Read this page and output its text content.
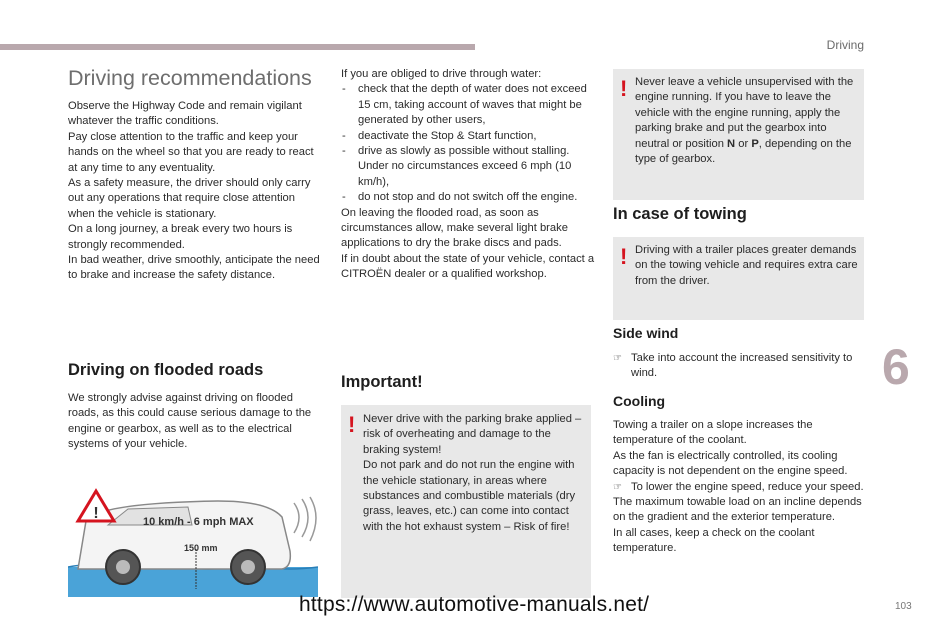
Driving
6
Driving recommendations

Observe the Highway Code and remain vigilant whatever the traffic conditions.

Pay close attention to the traffic and keep your hands on the wheel so that you are ready to react at any time to any eventuality.

As a safety measure, the driver should only carry out any operations that require close attention when the vehicle is stationary.

On a long journey, a break every two hours is strongly recommended.

In bad weather, drive smoothly, anticipate the need to brake and increase the safety distance.

Driving on flooded roads

We strongly advise against driving on flooded roads, as this could cause serious damage to the engine or gearbox, as well as to the electrical systems of your vehicle.

!	10 km/h - 6 mph MAX
150 mm

If you are obliged to drive through water:

- check that the depth of water does not exceed 15 cm, taking account of waves that might be generated by other users,
- deactivate the Stop & Start function,
- drive as slowly as possible without stalling. Under no circumstances exceed 6 mph (10 km/h),
- do not stop and do not switch off the engine.

On leaving the flooded road, as soon as circumstances allow, make several light brake applications to dry the brake discs and pads.

If in doubt about the state of your vehicle, contact a CITROËN dealer or a qualified workshop.

Important!
! Never drive with the parking brake applied – risk of overheating and damage to the braking system!

Do not park and do not run the engine with the vehicle stationary, in areas where substances and combustible materials (dry grass, leaves, etc.) can come into contact with the hot exhaust system – Risk of fire!

! Never leave a vehicle unsupervised with the engine running. If you have to leave the vehicle with the engine running, apply the parking brake and put the gearbox into neutral or position N or P, depending on the type of gearbox.

In case of towing
! Driving with a trailer places greater demands on the towing vehicle and requires extra care from the driver.

Side wind
☞ Take into account the increased sensitivity to wind.
Cooling

Towing a trailer on a slope increases the temperature of the coolant.

As the fan is electrically controlled, its cooling capacity is not dependent on the engine speed.

☞ To lower the engine speed, reduce your speed.

The maximum towable load on an incline depends on the gradient and the exterior temperature.

In all cases, keep a check on the coolant temperature.

https://www.automotive-manuals.net/	103
